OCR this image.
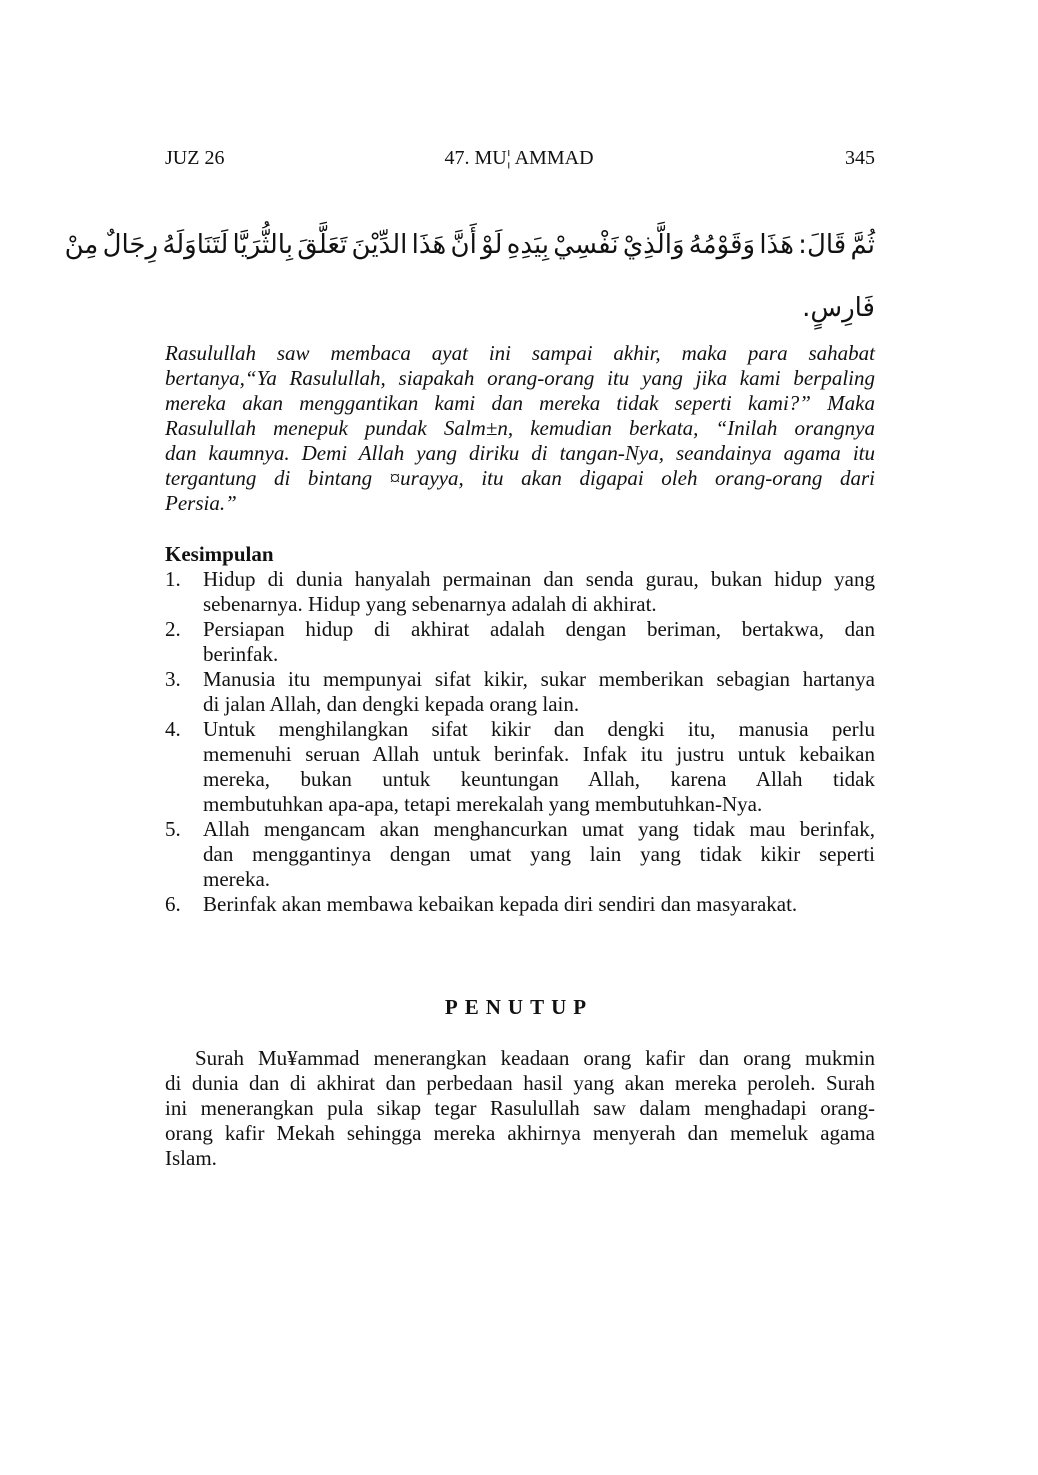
JUZ 26	47. MU¦ AMMAD	345
ثُمَّ قَالَ: هَذَا وَقَوْمُهُ وَالَّذِيْ نَفْسِيْ بِيَدِهِ لَوْ أَنَّ هَذَا الدِّيْنَ تَعَلَّقَ بِالثُّرَيَّا لَتَنَاوَلَهُ رِجَالٌ مِنْ
فَارِسٍ.
Rasulullah saw membaca ayat ini sampai akhir, maka para sahabat
bertanya,“Ya Rasulullah, siapakah orang-orang itu yang jika kami berpaling
mereka akan menggantikan kami dan mereka tidak seperti kami?” Maka
Rasulullah menepuk pundak Salm±n, kemudian berkata, “Inilah orangnya
dan kaumnya. Demi Allah yang diriku di tangan-Nya, seandainya agama itu
tergantung di bintang ¤urayya, itu akan digapai oleh orang-orang dari
Persia.”
Kesimpulan
1. Hidup di dunia hanyalah permainan dan senda gurau, bukan hidup yang
sebenarnya. Hidup yang sebenarnya adalah di akhirat.
2. Persiapan hidup di akhirat adalah dengan beriman, bertakwa, dan
berinfak.
3. Manusia itu mempunyai sifat kikir, sukar memberikan sebagian hartanya
di jalan Allah, dan dengki kepada orang lain.
4. Untuk menghilangkan sifat kikir dan dengki itu, manusia perlu
memenuhi seruan Allah untuk berinfak. Infak itu justru untuk kebaikan
mereka, bukan untuk keuntungan Allah, karena Allah tidak
membutuhkan apa-apa, tetapi merekalah yang membutuhkan-Nya.
5. Allah mengancam akan menghancurkan umat yang tidak mau berinfak,
dan menggantinya dengan umat yang lain yang tidak kikir seperti
mereka.
6. Berinfak akan membawa kebaikan kepada diri sendiri dan masyarakat.
PENUTUP
Surah Mu¥ammad menerangkan keadaan orang kafir dan orang mukmin
di dunia dan di akhirat dan perbedaan hasil yang akan mereka peroleh. Surah
ini menerangkan pula sikap tegar Rasulullah saw dalam menghadapi orang-
orang kafir Mekah sehingga mereka akhirnya menyerah dan memeluk agama
Islam.
